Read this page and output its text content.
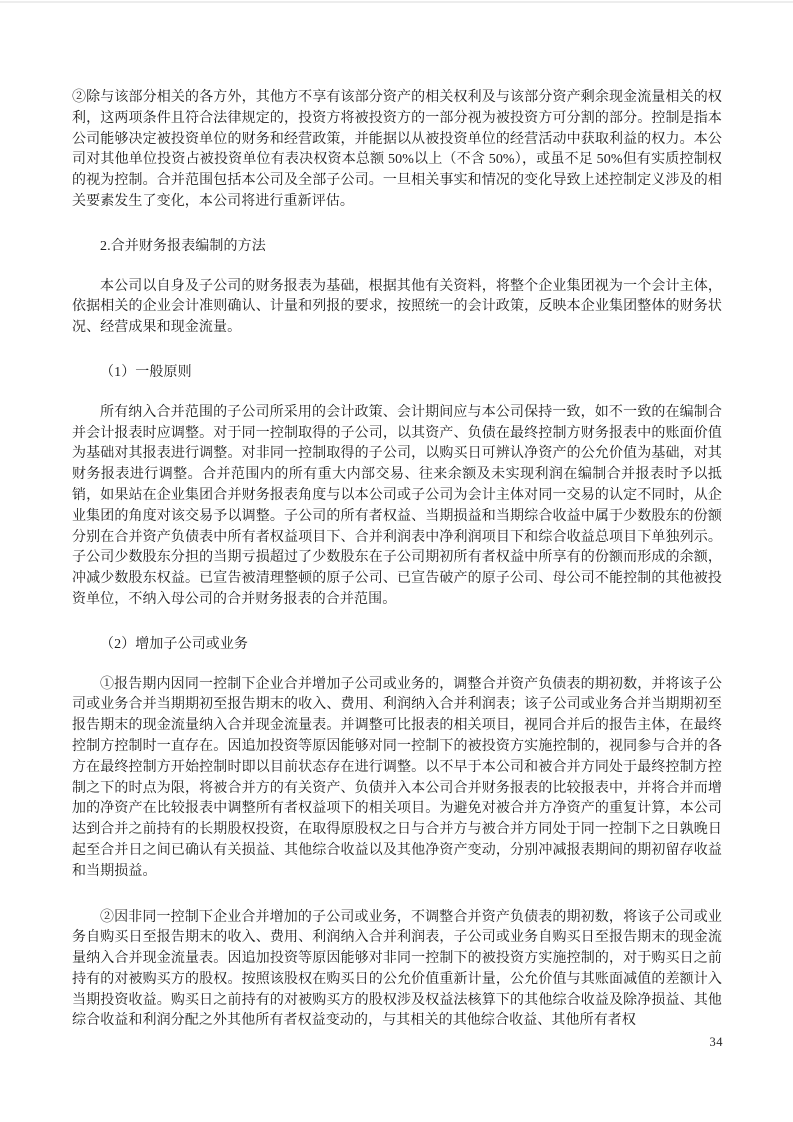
②除与该部分相关的各方外，其他方不享有该部分资产的相关权利及与该部分资产剩余现金流量相关的权利，这两项条件且符合法律规定的，投资方将被投资方的一部分视为被投资方可分割的部分。控制是指本公司能够决定被投资单位的财务和经营政策，并能据以从被投资单位的经营活动中获取利益的权力。本公司对其他单位投资占被投资单位有表决权资本总额 50%以上（不含 50%），或虽不足 50%但有实质控制权的视为控制。合并范围包括本公司及全部子公司。一旦相关事实和情况的变化导致上述控制定义涉及的相关要素发生了变化，本公司将进行重新评估。

2.合并财务报表编制的方法

本公司以自身及子公司的财务报表为基础，根据其他有关资料，将整个企业集团视为一个会计主体，依据相关的企业会计准则确认、计量和列报的要求，按照统一的会计政策，反映本企业集团整体的财务状况、经营成果和现金流量。

（1）一般原则

所有纳入合并范围的子公司所采用的会计政策、会计期间应与本公司保持一致，如不一致的在编制合并会计报表时应调整。对于同一控制取得的子公司，以其资产、负债在最终控制方财务报表中的账面价值为基础对其报表进行调整。对非同一控制取得的子公司，以购买日可辨认净资产的公允价值为基础，对其财务报表进行调整。合并范围内的所有重大内部交易、往来余额及未实现利润在编制合并报表时予以抵销，如果站在企业集团合并财务报表角度与以本公司或子公司为会计主体对同一交易的认定不同时，从企业集团的角度对该交易予以调整。子公司的所有者权益、当期损益和当期综合收益中属于少数股东的份额分别在合并资产负债表中所有者权益项目下、合并利润表中净利润项目下和综合收益总项目下单独列示。子公司少数股东分担的当期亏损超过了少数股东在子公司期初所有者权益中所享有的份额而形成的余额，冲减少数股东权益。已宣告被清理整顿的原子公司、已宣告破产的原子公司、母公司不能控制的其他被投资单位，不纳入母公司的合并财务报表的合并范围。

（2）增加子公司或业务

①报告期内因同一控制下企业合并增加子公司或业务的，调整合并资产负债表的期初数，并将该子公司或业务合并当期期初至报告期末的收入、费用、利润纳入合并利润表；该子公司或业务合并当期期初至报告期末的现金流量纳入合并现金流量表。并调整可比报表的相关项目，视同合并后的报告主体，在最终控制方控制时一直存在。因追加投资等原因能够对同一控制下的被投资方实施控制的，视同参与合并的各方在最终控制方开始控制时即以目前状态存在进行调整。以不早于本公司和被合并方同处于最终控制方控制之下的时点为限，将被合并方的有关资产、负债并入本公司合并财务报表的比较报表中，并将合并而增加的净资产在比较报表中调整所有者权益项下的相关项目。为避免对被合并方净资产的重复计算，本公司达到合并之前持有的长期股权投资，在取得原股权之日与合并方与被合并方同处于同一控制下之日孰晚日起至合并日之间已确认有关损益、其他综合收益以及其他净资产变动，分别冲减报表期间的期初留存收益和当期损益。

②因非同一控制下企业合并增加的子公司或业务，不调整合并资产负债表的期初数，将该子公司或业务自购买日至报告期末的收入、费用、利润纳入合并利润表，子公司或业务自购买日至报告期末的现金流量纳入合并现金流量表。因追加投资等原因能够对非同一控制下的被投资方实施控制的，对于购买日之前持有的对被购买方的股权。按照该股权在购买日的公允价值重新计量，公允价值与其账面减值的差额计入当期投资收益。购买日之前持有的对被购买方的股权涉及权益法核算下的其他综合收益及除净损益、其他综合收益和利润分配之外其他所有者权益变动的，与其相关的其他综合收益、其他所有者权

34
